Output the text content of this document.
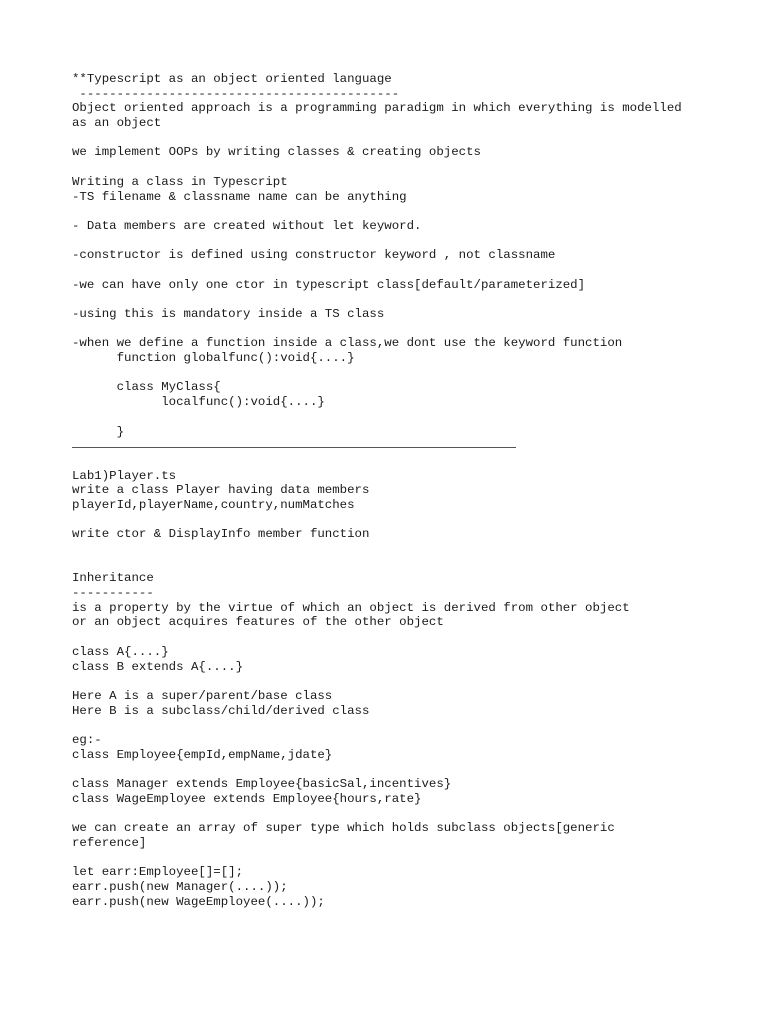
**Typescript as an object oriented language
-------------------------------------------
Object oriented approach is a programming paradigm in which everything is modelled
as an object
we implement OOPs by writing classes & creating objects
Writing a class in Typescript
-TS filename & classname name can be anything
- Data members are created without let keyword.
-constructor is defined using constructor keyword , not classname
-we can have only one ctor in typescript class[default/parameterized]
-using this is mandatory inside a TS class
-when we define a function inside a class,we dont use the keyword function
function globalfunc():void{....}
class MyClass{
localfunc():void{....}
}
Lab1)Player.ts
write a class Player having data members
playerId,playerName,country,numMatches
write ctor & DisplayInfo member function
Inheritance
-----------
is a property by the virtue of which an object is derived from other object
or an object acquires features of the other object
class A{....}
class B extends A{....}
Here A is a super/parent/base class
Here B is a subclass/child/derived class
eg:-
class Employee{empId,empName,jdate}
class Manager extends Employee{basicSal,incentives}
class WageEmployee extends Employee{hours,rate}
we can create an array of super type which holds subclass objects[generic
reference]
let earr:Employee[]=[];
earr.push(new Manager(....));
earr.push(new WageEmployee(....));
